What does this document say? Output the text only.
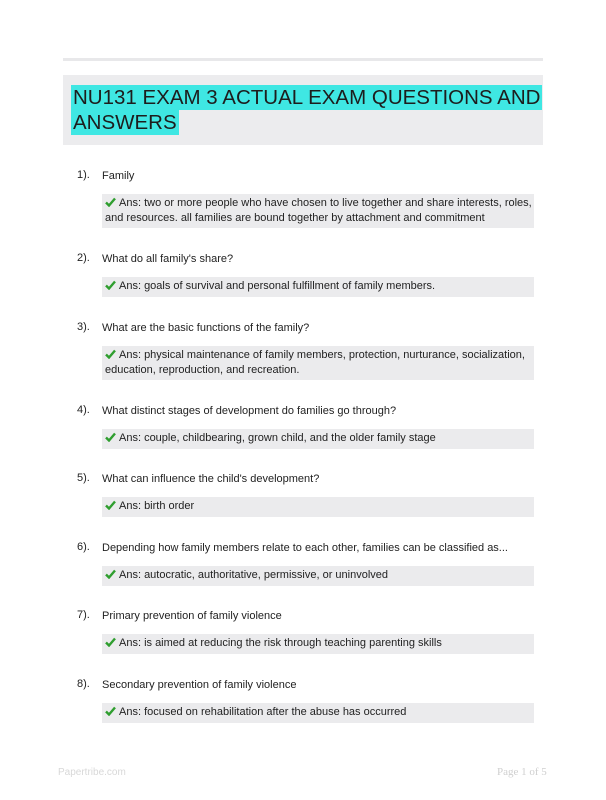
NU131 EXAM 3 ACTUAL EXAM QUESTIONS AND ANSWERS
1). Family
Ans: two or more people who have chosen to live together and share interests, roles, and resources. all families are bound together by attachment and commitment
2). What do all family's share?
Ans: goals of survival and personal fulfillment of family members.
3). What are the basic functions of the family?
Ans: physical maintenance of family members, protection, nurturance, socialization, education, reproduction, and recreation.
4). What distinct stages of development do families go through?
Ans: couple, childbearing, grown child, and the older family stage
5). What can influence the child's development?
Ans: birth order
6). Depending how family members relate to each other, families can be classified as...
Ans: autocratic, authoritative, permissive, or uninvolved
7). Primary prevention of family violence
Ans: is aimed at reducing the risk through teaching parenting skills
8). Secondary prevention of family violence
Ans: focused on rehabilitation after the abuse has occurred
Papertribe.com	Page 1 of 5
